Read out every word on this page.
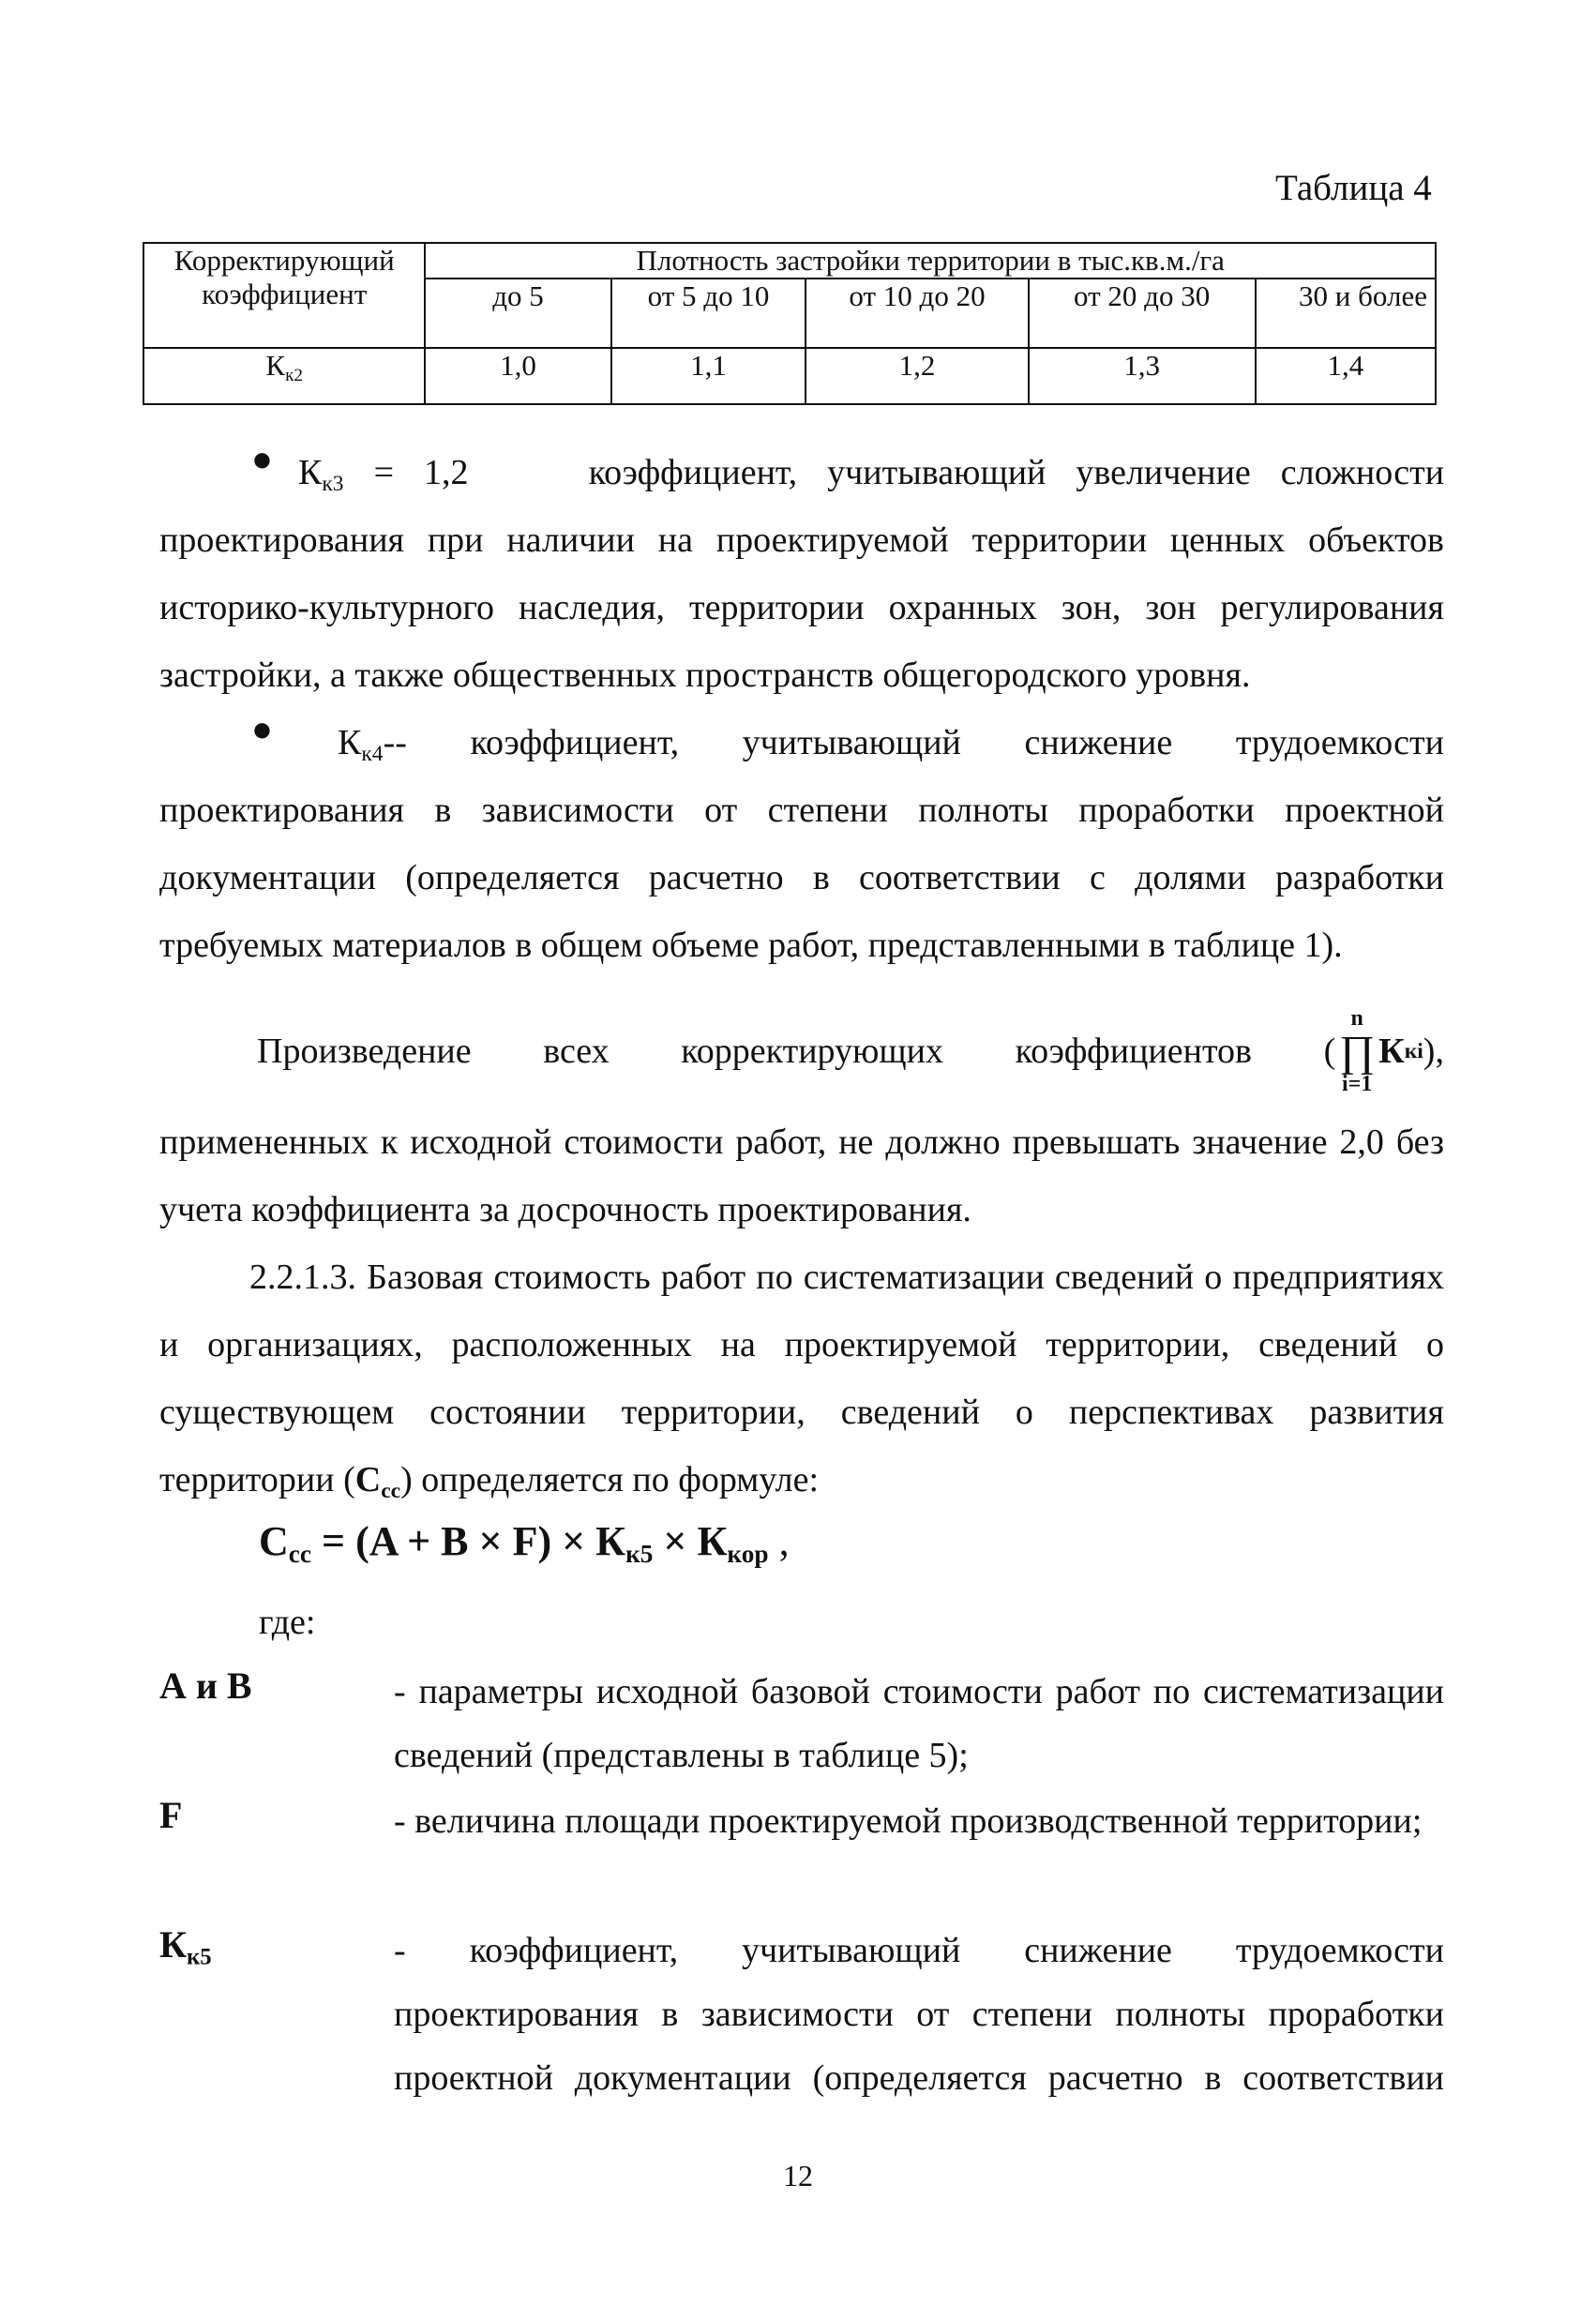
Таблица 4
Корректирующий коэффициент	Плотность застройки территории в тыс.кв.м./га				
	до 5	от 5 до 10	от 10 до 20	от 20 до 30	30 и более
$К_{к2}$	1,0	1,1	1,2	1,3	1,4
● $К_{к3} = 1,2$	коэффициент, учитывающий увеличение сложности
проектирования при наличии на проектируемой территории ценных объектов историко-культурного наследия, территории охранных зон, зон регулирования застройки, а также общественных пространств общегородского уровня.
● $К_{к4}--$ коэффициент, учитывающий снижение трудоемкости
проектирования в зависимости от степени полноты проработки проектной документации (определяется расчетно в соответствии с долями разработки требуемых материалов в общем объеме работ, представленными в таблице 1).
Произведение всех корректирующих коэффициентов (
n
∏
i=1
К кi ),
примененных к исходной стоимости работ, не должно превышать значение 2,0 без учета коэффициента за досрочность проектирования.
2.2.1.3. Базовая стоимость работ по систематизации сведений о предприятиях и организациях, расположенных на проектируемой территории, сведений о существующем состоянии территории, сведений о перспективах развития территории $(С_{сс})$ определяется по формуле:
$С_{сс} = (A + B \times F) \times К_{к5} \times К_{кор}$ ,
где:
А и В	- параметры исходной базовой стоимости работ по систематизации сведений (представлены в таблице 5);
F	- величина площади проектируемой производственной территории;
$К_{к5}$	- коэффициент, учитывающий снижение трудоемкости проектирования в зависимости от степени полноты проработки проектной документации (определяется расчетно в соответствии
12
